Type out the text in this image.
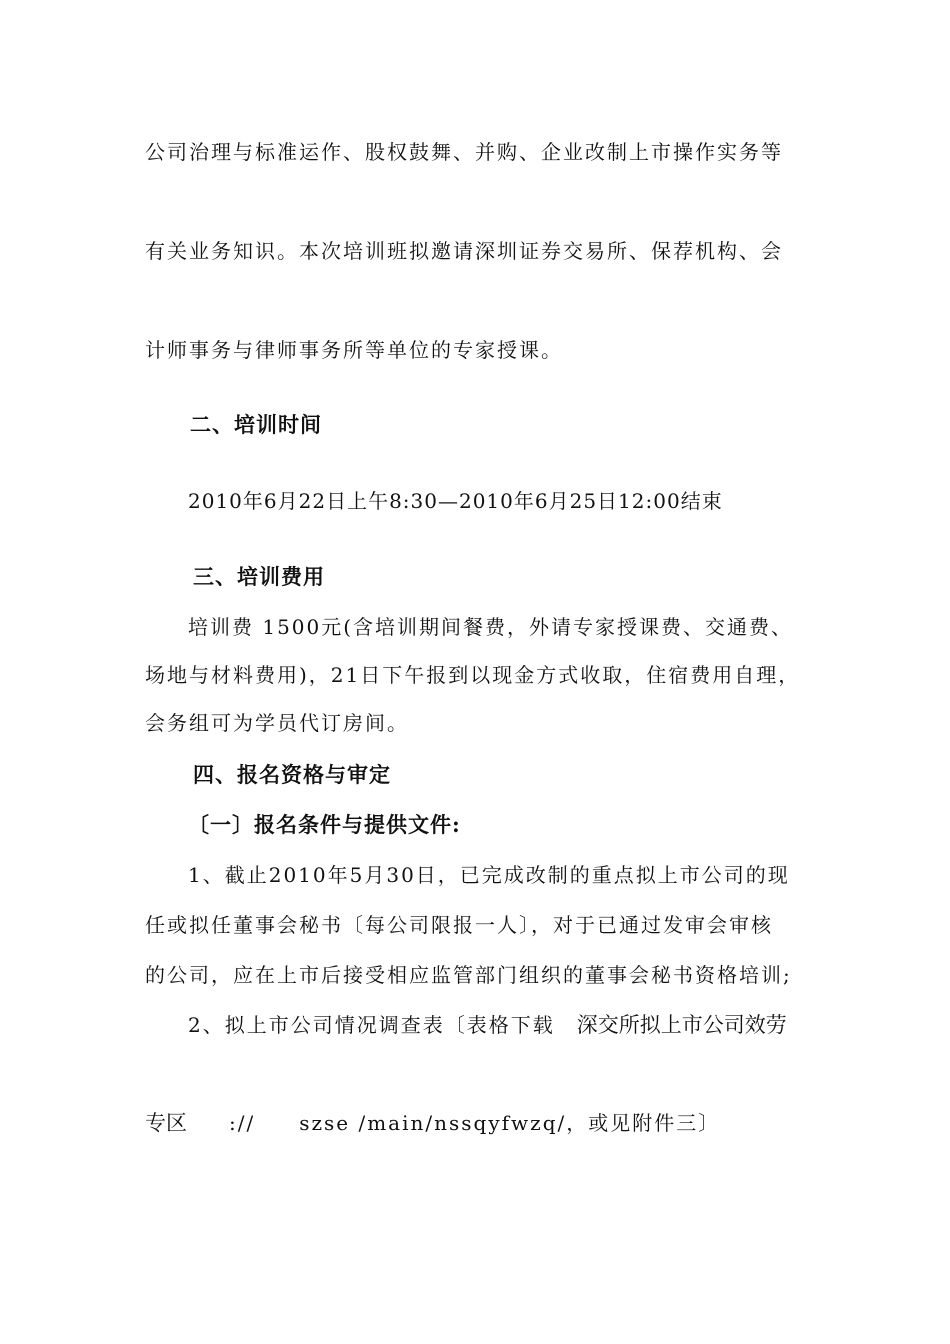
公司治理与标准运作、股权鼓舞、并购、企业改制上市操作实务等
有关业务知识。本次培训班拟邀请深圳证券交易所、保荐机构、会
计师事务与律师事务所等单位的专家授课。
二、培训时间
2010年6月22日上午8:30—2010年6月25日12:00结束
三、培训费用
培训费 1500元(含培训期间餐费，外请专家授课费、交通费、
场地与材料费用)，21日下午报到以现金方式收取，住宿费用自理，
会务组可为学员代订房间。
四、报名资格与审定
〔一〕报名条件与提供文件:
1、截止2010年5月30日，已完成改制的重点拟上市公司的现
任或拟任董事会秘书〔每公司限报一人〕，对于已通过发审会审核
的公司，应在上市后接受相应监管部门组织的董事会秘书资格培训;
2、拟上市公司情况调查表〔表格下载 深交所拟上市公司效劳
专区 :// szse /main/nssqyfwzq/，或见附件三〕
